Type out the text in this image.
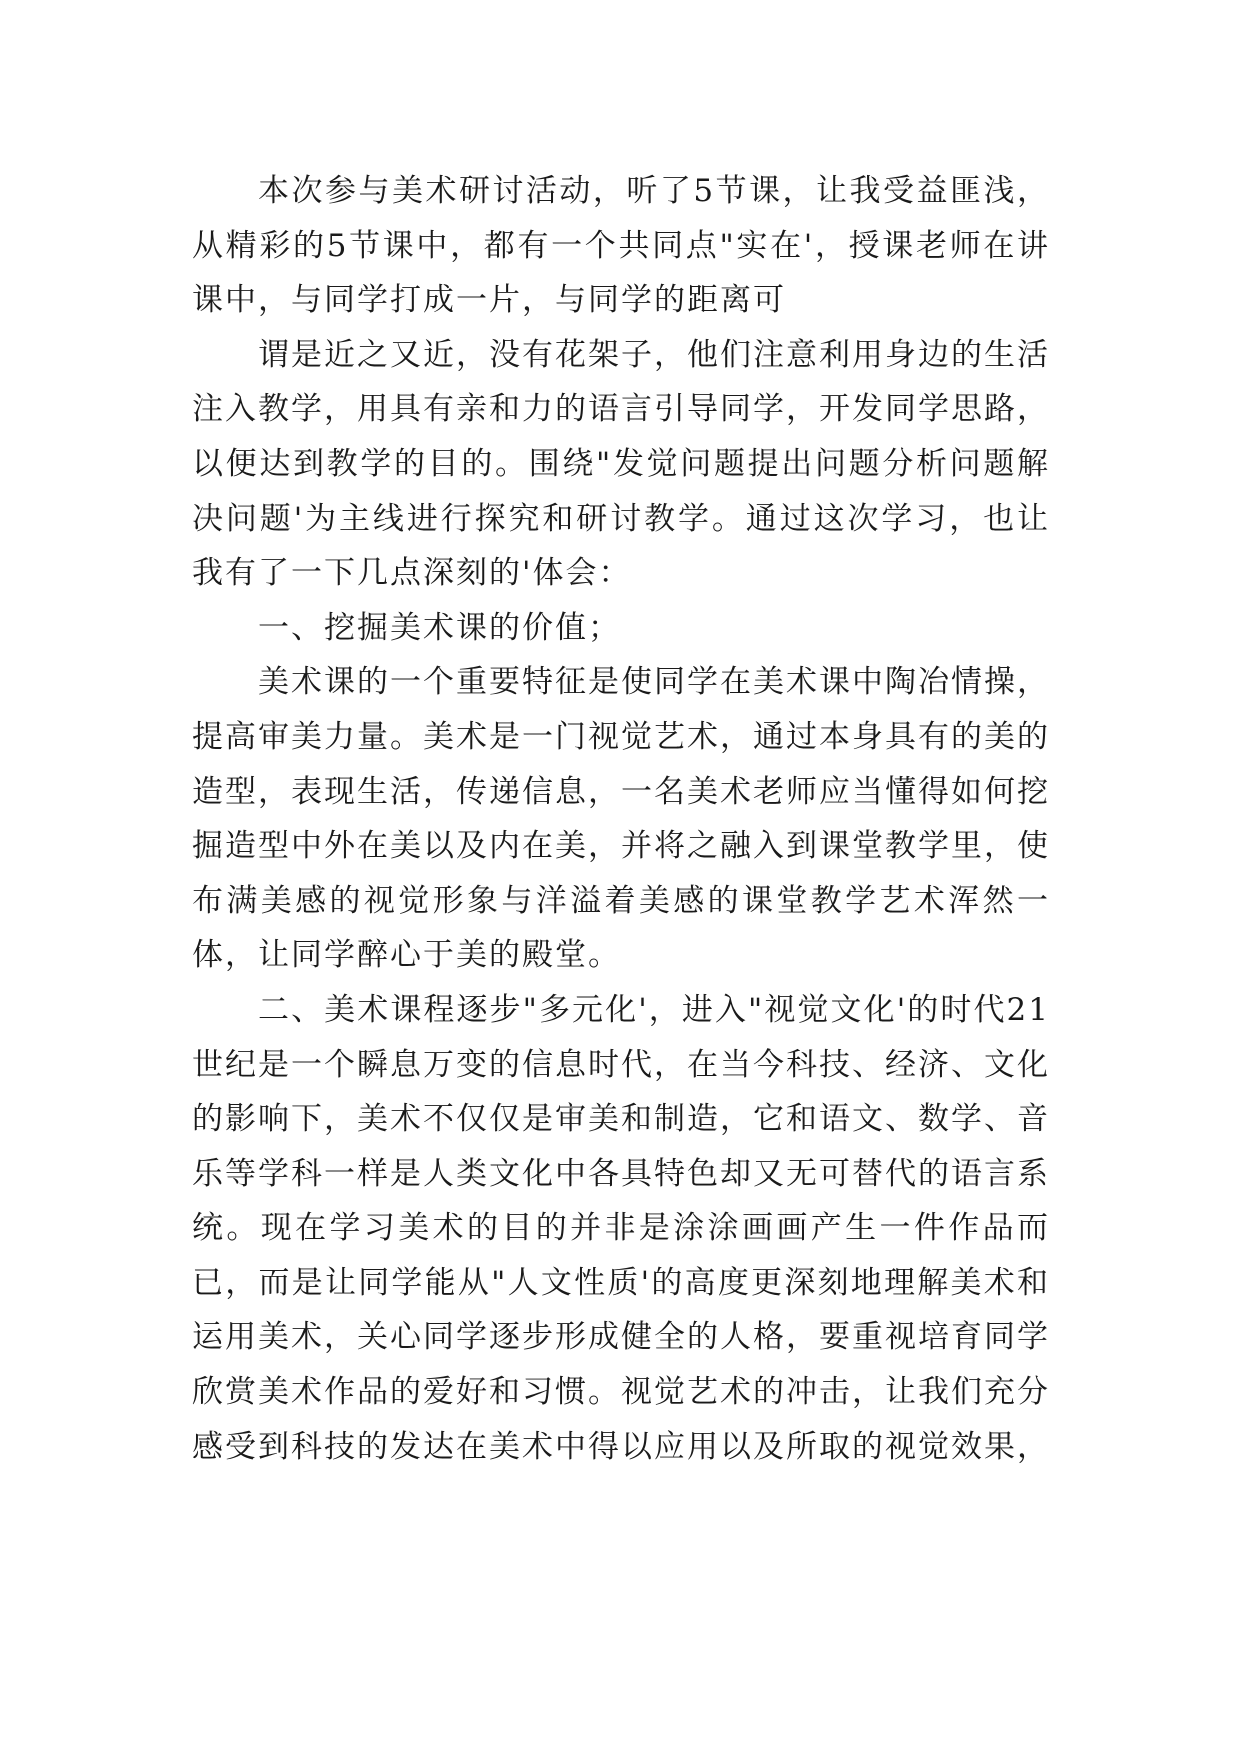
本次参与美术研讨活动，听了5节课，让我受益匪浅，从精彩的5节课中，都有一个共同点"实在'，授课老师在讲课中，与同学打成一片，与同学的距离可

谓是近之又近，没有花架子，他们注意利用身边的生活注入教学，用具有亲和力的语言引导同学，开发同学思路，以便达到教学的目的。围绕"发觉问题提出问题分析问题解决问题'为主线进行探究和研讨教学。通过这次学习，也让我有了一下几点深刻的'体会：

一、挖掘美术课的价值；

美术课的一个重要特征是使同学在美术课中陶冶情操，提高审美力量。美术是一门视觉艺术，通过本身具有的美的造型，表现生活，传递信息，一名美术老师应当懂得如何挖掘造型中外在美以及内在美，并将之融入到课堂教学里，使布满美感的视觉形象与洋溢着美感的课堂教学艺术浑然一体，让同学醉心于美的殿堂。

二、美术课程逐步"多元化'，进入"视觉文化'的时代21世纪是一个瞬息万变的信息时代，在当今科技、经济、文化的影响下，美术不仅仅是审美和制造，它和语文、数学、音乐等学科一样是人类文化中各具特色却又无可替代的语言系统。现在学习美术的目的并非是涂涂画画产生一件作品而已，而是让同学能从"人文性质'的高度更深刻地理解美术和运用美术，关心同学逐步形成健全的人格，要重视培育同学欣赏美术作品的爱好和习惯。视觉艺术的冲击，让我们充分感受到科技的发达在美术中得以应用以及所取的视觉效果，
